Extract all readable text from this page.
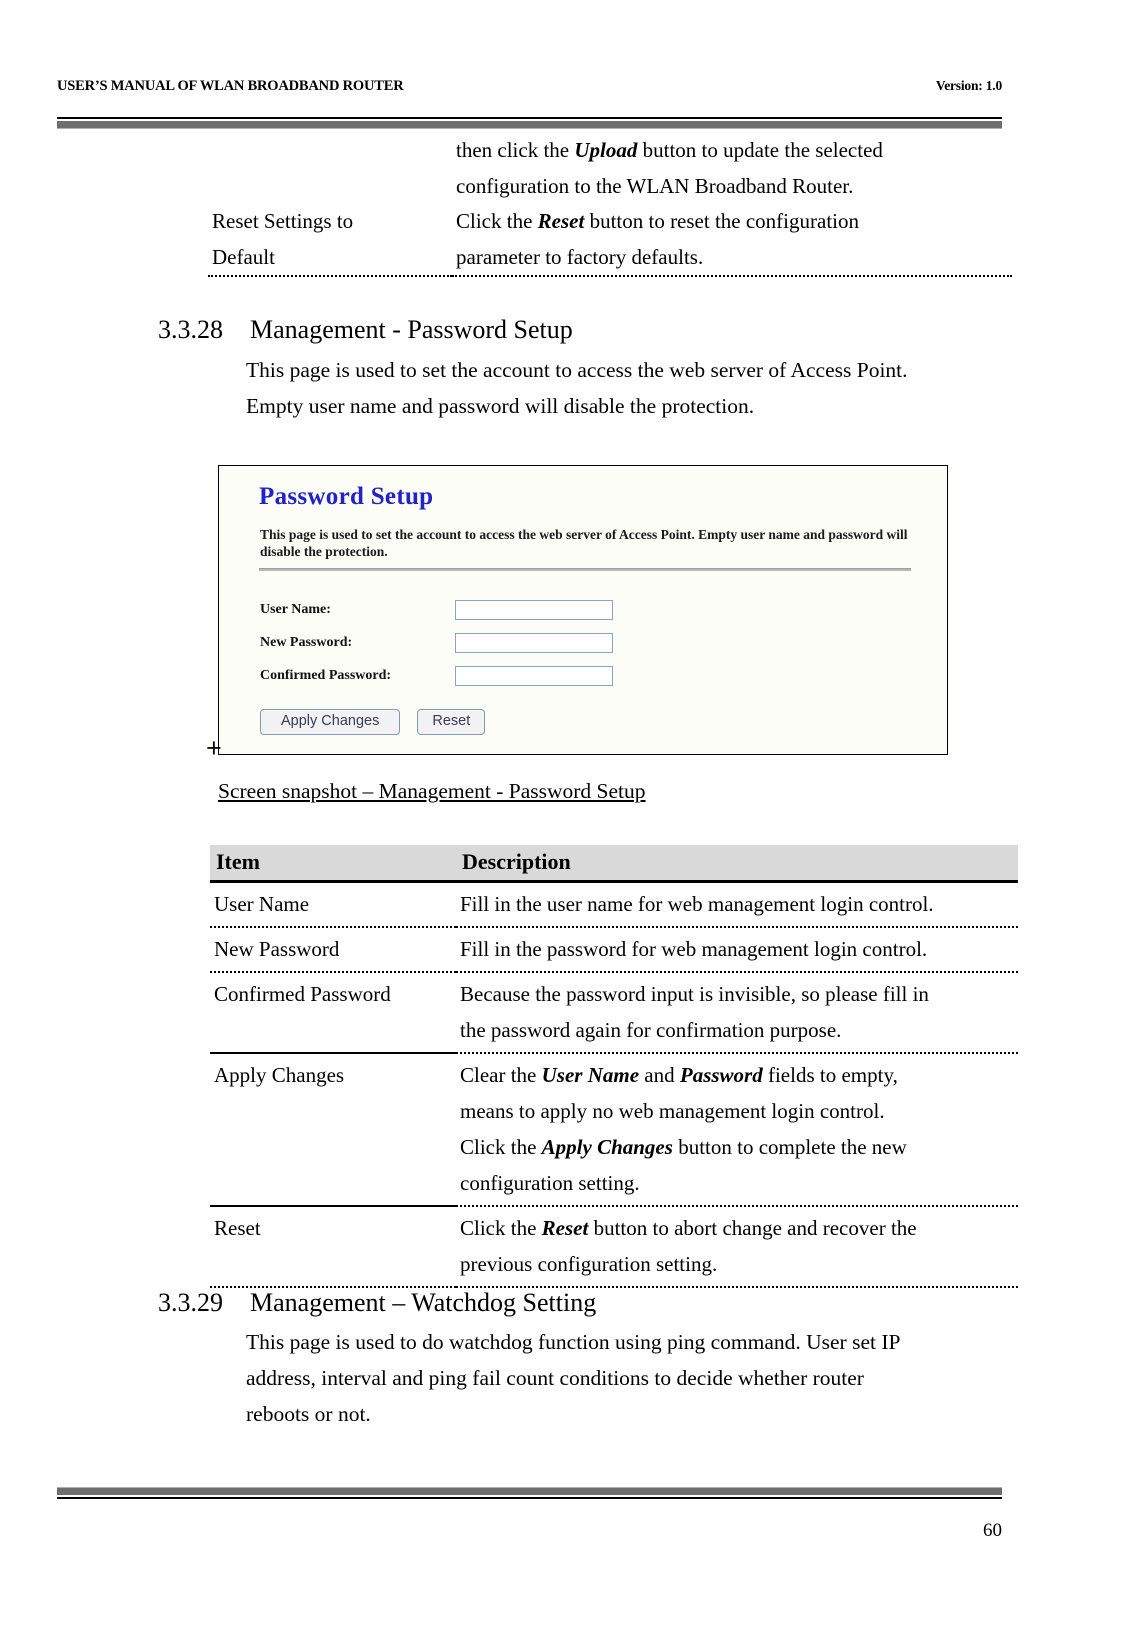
USER’S MANUAL OF WLAN BROADBAND ROUTER	Version: 1.0
	then click the Upload button to update the selected
configuration to the WLAN Broadband Router.
Reset Settings to
Default	Click the Reset button to reset the configuration
parameter to factory defaults.

3.3.28 Management - Password Setup
This page is used to set the account to access the web server of Access Point.
Empty user name and password will disable the protection.
Password Setup
This page is used to set the account to access the web server of Access Point. Empty user name and password will disable the protection.
User Name:
New Password:
Confirmed Password:
Apply Changes	Reset
+
Screen snapshot – Management - Password Setup
Item	Description
User Name	Fill in the user name for web management login control.
New Password	Fill in the password for web management login control.
Confirmed Password	Because the password input is invisible, so please fill in
the password again for confirmation purpose.
Apply Changes	Clear the User Name and Password fields to empty,
means to apply no web management login control.
Click the Apply Changes button to complete the new
configuration setting.
Reset	Click the Reset button to abort change and recover the
previous configuration setting.
3.3.29 Management – Watchdog Setting
This page is used to do watchdog function using ping command. User set IP
address, interval and ping fail count conditions to decide whether router
reboots or not.
60
